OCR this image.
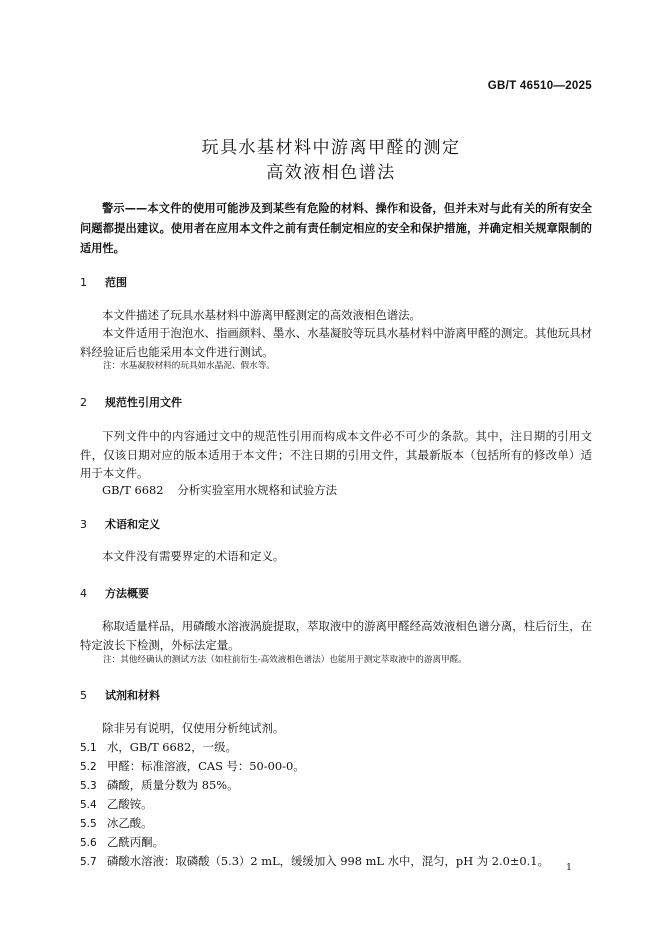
GB/T 46510—2025
玩具水基材料中游离甲醛的测定
高效液相色谱法
警示——本文件的使用可能涉及到某些有危险的材料、操作和设备，但并未对与此有关的所有安全问题都提出建议。使用者在应用本文件之前有责任制定相应的安全和保护措施，并确定相关规章限制的适用性。
1 范围
本文件描述了玩具水基材料中游离甲醛测定的高效液相色谱法。
本文件适用于泡泡水、指画颜料、墨水、水基凝胶等玩具水基材料中游离甲醛的测定。其他玩具材料经验证后也能采用本文件进行测试。
注：水基凝胶材料的玩具如水晶泥、假水等。
2 规范性引用文件
下列文件中的内容通过文中的规范性引用而构成本文件必不可少的条款。其中，注日期的引用文件，仅该日期对应的版本适用于本文件；不注日期的引用文件，其最新版本（包括所有的修改单）适用于本文件。
GB/T 6682 分析实验室用水规格和试验方法
3 术语和定义
本文件没有需要界定的术语和定义。
4 方法概要
称取适量样品，用磷酸水溶液涡旋提取，萃取液中的游离甲醛经高效液相色谱分离，柱后衍生，在特定波长下检测，外标法定量。
注：其他经确认的测试方法（如柱前衍生-高效液相色谱法）也能用于测定萃取液中的游离甲醛。
5 试剂和材料
除非另有说明，仅使用分析纯试剂。
5.1 水，GB/T 6682，一级。
5.2 甲醛：标准溶液，CAS 号：50-00-0。
5.3 磷酸，质量分数为 85%。
5.4 乙酸铵。
5.5 冰乙酸。
5.6 乙酰丙酮。
5.7 磷酸水溶液：取磷酸（5.3）2 mL，缓缓加入 998 mL 水中，混匀，pH 为 2.0±0.1。 1
